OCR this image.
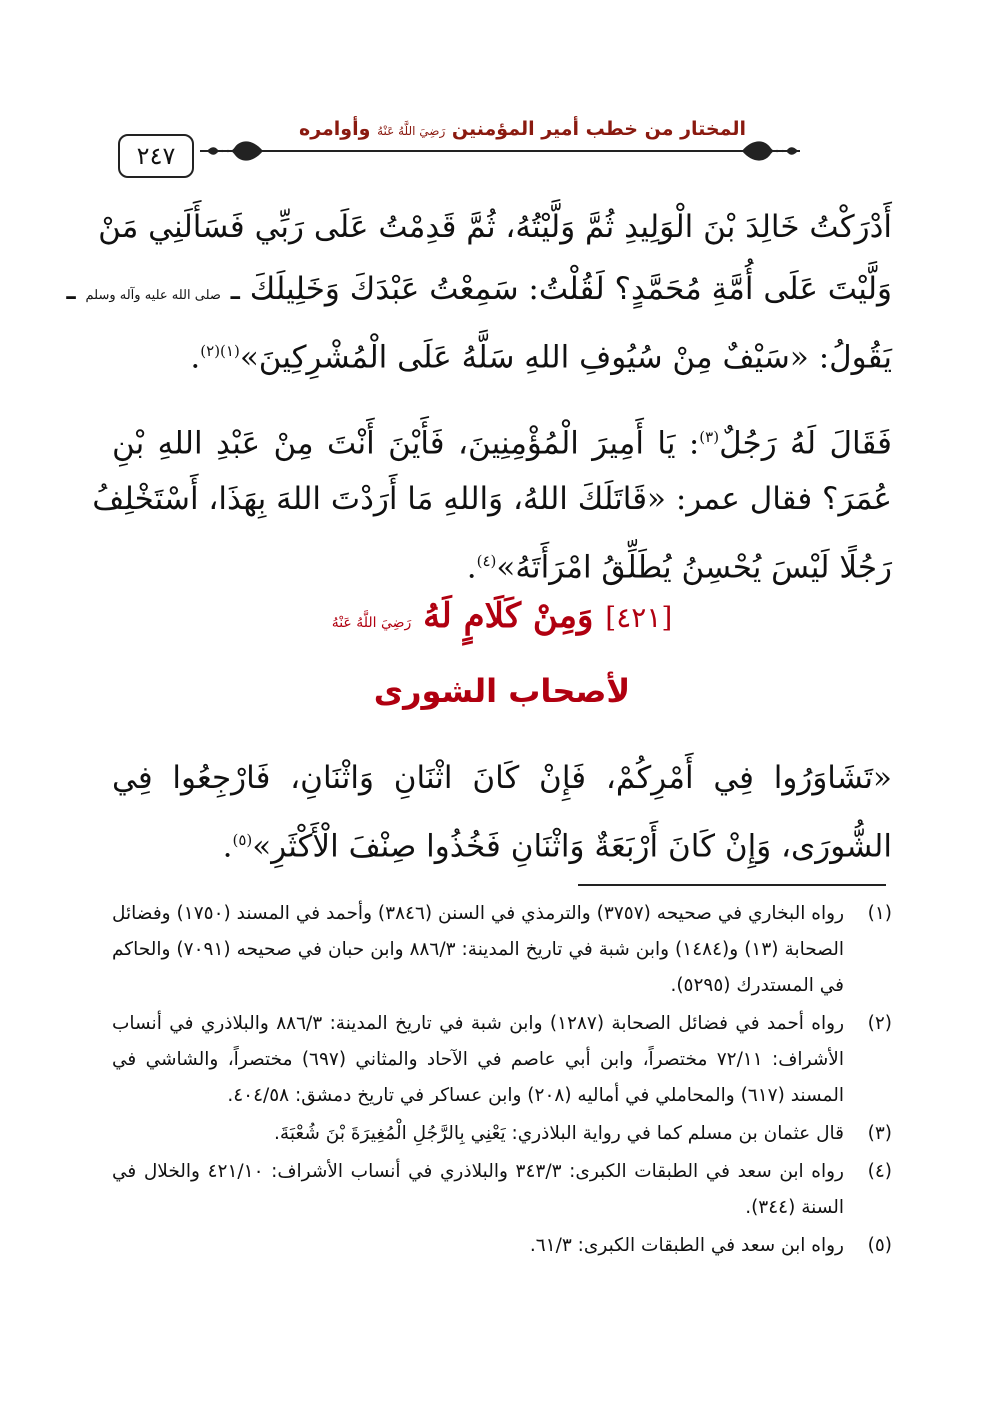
٢٤٧
المختار من خطب أمير المؤمنين رَضِيَ اللَّهُ عَنْهُ وأوامره
أَدْرَكْتُ خَالِدَ بْنَ الْوَلِيدِ ثُمَّ وَلَّيْتُهُ، ثُمَّ قَدِمْتُ عَلَى رَبِّي فَسَأَلَنِي مَنْ
وَلَّيْتَ عَلَى أُمَّةِ مُحَمَّدٍ؟ لَقُلْتُ: سَمِعْتُ عَبْدَكَ وَخَلِيلَكَ ـ صلى الله عليه وآله وسلم ـ
يَقُولُ: «سَيْفٌ مِنْ سُيُوفِ اللهِ سَلَّهُ عَلَى الْمُشْرِكِينَ»$^{(١)(٢)}$.
فَقَالَ لَهُ رَجُلٌ$^{(٣)}$: يَا أَمِيرَ الْمُؤْمِنِينَ، فَأَيْنَ أَنْتَ مِنْ عَبْدِ اللهِ بْنِ
عُمَرَ؟ فقال عمر: «قَاتَلَكَ اللهُ، وَاللهِ مَا أَرَدْتَ اللهَ بِهَذَا، أَسْتَخْلِفُ
رَجُلًا لَيْسَ يُحْسِنُ يُطَلِّقُ امْرَأَتَهُ»$^{(٤)}$.
[٤٢١] وَمِنْ كَلَامٍ لَهُ رَضِيَ اللَّهُ عَنْهُ
لأصحاب الشورى
«تَشَاوَرُوا فِي أَمْرِكُمْ، فَإِنْ كَانَ اثْنَانِ وَاثْنَانِ، فَارْجِعُوا فِي
الشُّورَى، وَإِنْ كَانَ أَرْبَعَةٌ وَاثْنَانِ فَخُذُوا صِنْفَ الْأَكْثَرِ»$^{(٥)}$.
(١)
رواه البخاري في صحيحه (٣٧٥٧) والترمذي في السنن (٣٨٤٦) وأحمد في المسند (١٧٥٠) وفضائل الصحابة (١٣) و(١٤٨٤) وابن شبة في تاريخ المدينة: ٨٨٦/٣ وابن حبان في صحيحه (٧٠٩١) والحاكم في المستدرك (٥٢٩٥).
(٢)
رواه أحمد في فضائل الصحابة (١٢٨٧) وابن شبة في تاريخ المدينة: ٨٨٦/٣ والبلاذري في أنساب الأشراف: ٧٢/١١ مختصراً، وابن أبي عاصم في الآحاد والمثاني (٦٩٧) مختصراً، والشاشي في المسند (٦١٧) والمحاملي في أماليه (٢٠٨) وابن عساكر في تاريخ دمشق: ٤٠٤/٥٨.
(٣)
قال عثمان بن مسلم كما في رواية البلاذري: يَعْنِي بِالرَّجُلِ الْمُغِيرَةَ بْنَ شُعْبَةَ.
(٤)
رواه ابن سعد في الطبقات الكبرى: ٣٤٣/٣ والبلاذري في أنساب الأشراف: ٤٢١/١٠ والخلال في السنة (٣٤٤).
(٥)
رواه ابن سعد في الطبقات الكبرى: ٦١/٣.
